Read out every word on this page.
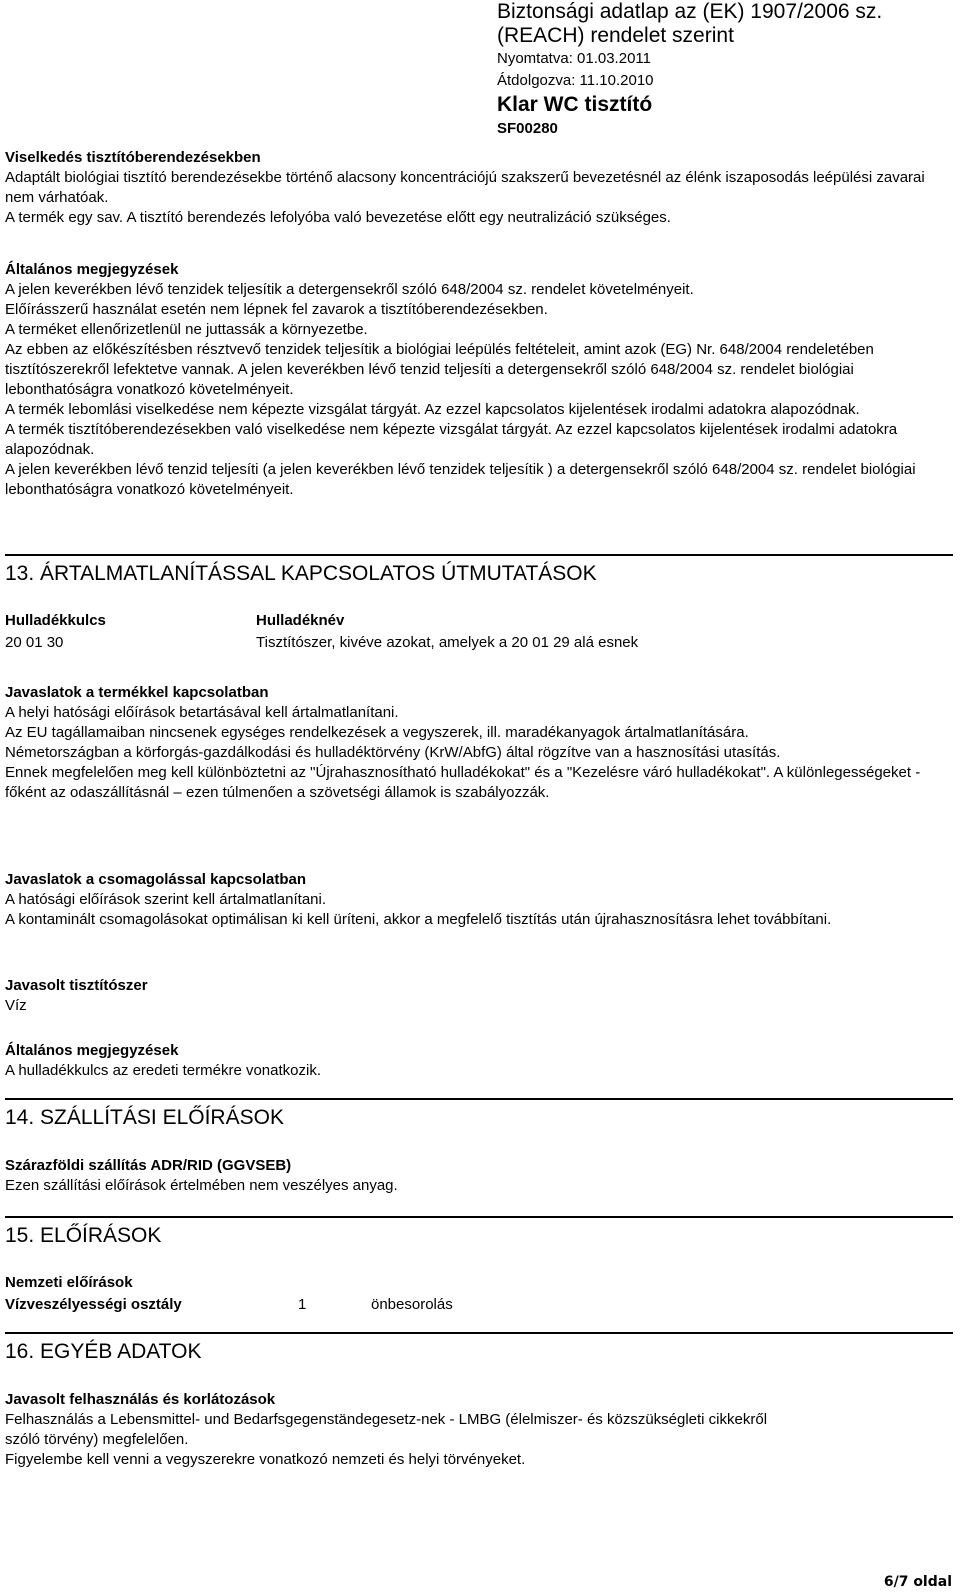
Biztonsági adatlap az (EK) 1907/2006 sz.
(REACH) rendelet szerint
Nyomtatva: 01.03.2011
Átdolgozva: 11.10.2010
Klar WC tisztító
SF00280
Viselkedés tisztítóberendezésekben
Adaptált biológiai tisztító berendezésekbe történő alacsony koncentrációjú szakszerű bevezetésnél az élénk iszaposodás leépülési zavarai nem várhatóak.
A termék egy sav. A tisztító berendezés lefolyóba való bevezetése előtt egy neutralizáció szükséges.
Általános megjegyzések
A jelen keverékben lévő tenzidek teljesítik a detergensekről szóló 648/2004 sz. rendelet követelményeit.
Előírásszerű használat esetén nem lépnek fel zavarok a tisztítóberendezésekben.
A terméket ellenőrizetlenül ne juttassák a környezetbe.
Az ebben az előkészítésben résztvevő tenzidek teljesítik a biológiai leépülés feltételeit, amint azok (EG) Nr. 648/2004 rendeletében tisztítószerekről lefektetve vannak. A jelen keverékben lévő tenzid teljesíti a detergensekről szóló 648/2004 sz. rendelet biológiai lebonthatóságra vonatkozó követelményeit.
A termék lebomlási viselkedése nem képezte vizsgálat tárgyát. Az ezzel kapcsolatos kijelentések irodalmi adatokra alapozódnak.
A termék tisztítóberendezésekben való viselkedése nem képezte vizsgálat tárgyát. Az ezzel kapcsolatos kijelentések irodalmi adatokra alapozódnak.
A jelen keverékben lévő tenzid teljesíti (a jelen keverékben lévő tenzidek teljesítik ) a detergensekről szóló 648/2004 sz. rendelet biológiai lebonthatóságra vonatkozó követelményeit.
13. ÁRTALMATLANÍTÁSSAL KAPCSOLATOS ÚTMUTATÁSOK
Hulladékkulcs	Hulladéknév
20 01 30	Tisztítószer, kivéve azokat, amelyek a 20 01 29 alá esnek
Javaslatok a termékkel kapcsolatban
A helyi hatósági előírások betartásával kell ártalmatlanítani.
Az EU tagállamaiban nincsenek egységes rendelkezések a vegyszerek, ill. maradékanyagok ártalmatlanítására.
Németországban a körforgás-gazdálkodási és hulladéktörvény (KrW/AbfG) által rögzítve van a hasznosítási utasítás.
Ennek megfelelően meg kell különböztetni az "Újrahasznosítható hulladékokat" és a "Kezelésre váró hulladékokat". A különlegességeket - főként az odaszállításnál – ezen túlmenően a szövetségi államok is szabályozzák.
Javaslatok a csomagolással kapcsolatban
A hatósági előírások szerint kell ártalmatlanítani.
A kontaminált csomagolásokat optimálisan ki kell üríteni, akkor a megfelelő tisztítás után újrahasznosításra lehet továbbítani.
Javasolt tisztítószer
Víz
Általános megjegyzések
A hulladékkulcs az eredeti termékre vonatkozik.
14. SZÁLLÍTÁSI ELŐÍRÁSOK
Szárazföldi szállítás ADR/RID (GGVSEB)
Ezen szállítási előírások értelmében nem veszélyes anyag.
15. ELŐÍRÁSOK
Nemzeti előírások
Vízveszélyességi osztály	1	önbesorolás
16. EGYÉB ADATOK
Javasolt felhasználás és korlátozások
Felhasználás a Lebensmittel- und Bedarfsgegenständegesetz-nek - LMBG (élelmiszer- és közszükségleti cikkekről
szóló törvény) megfelelően.
Figyelembe kell venni a vegyszerekre vonatkozó nemzeti és helyi törvényeket.
6/7 oldal
